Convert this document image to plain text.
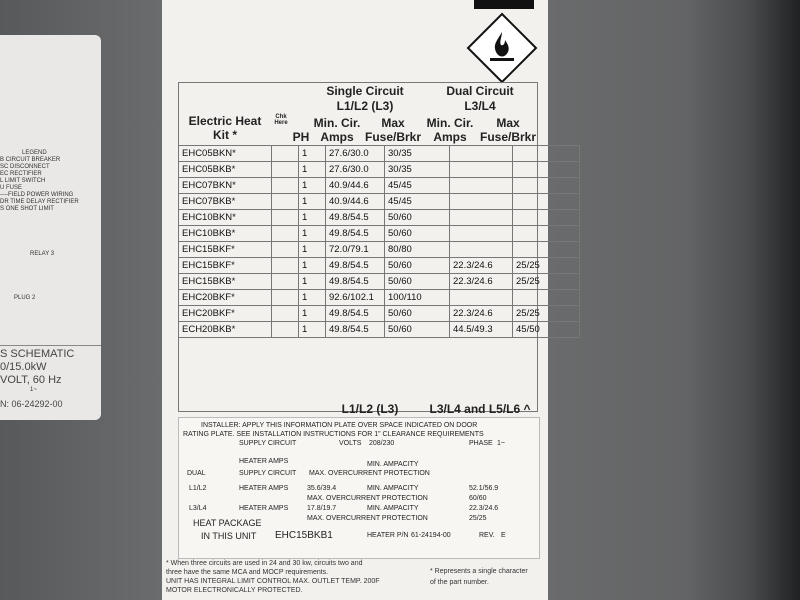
LEGEND
B CIRCUIT BREAKER
SC DISCONNECT
EC RECTIFIER
L LIMIT SWITCH
U FUSE
----FIELD POWER WIRING
DR TIME DELAY RECTIFIER
S ONE SHOT LIMIT
RELAY 3
PLUG 2
S SCHEMATIC
0/15.0kW
VOLT, 60 Hz
1~
N: 06-24292-00
Single Circuit
L1/L2 (L3)
Dual Circuit
L3/L4
Electric Heat Kit *
Chk Here
PH
Min. Cir. Amps
Max Fuse/Brkr
Min. Cir. Amps
Max Fuse/Brkr
EHC05BKN*		1	27.6/30.0	30/35		
EHC05BKB*		1	27.6/30.0	30/35		
EHC07BKN*		1	40.9/44.6	45/45		
EHC07BKB*		1	40.9/44.6	45/45		
EHC10BKN*		1	49.8/54.5	50/60		
EHC10BKB*		1	49.8/54.5	50/60		
EHC15BKF*		1	72.0/79.1	80/80		
EHC15BKF*		1	49.8/54.5	50/60	22.3/24.6	25/25
EHC15BKB*		1	49.8/54.5	50/60	22.3/24.6	25/25
EHC20BKF*		1	92.6/102.1	100/110		
EHC20BKF*		1	49.8/54.5	50/60	22.3/24.6	25/25
ECH20BKB*		1	49.8/54.5	50/60	44.5/49.3	45/50
L1/L2 (L3)	L3/L4 and L5/L6 ^
INSTALLER: APPLY THIS INFORMATION PLATE OVER SPACE INDICATED ON DOOR
RATING PLATE. SEE INSTALLATION INSTRUCTIONS FOR 1" CLEARANCE REQUIREMENTS
SUPPLY CIRCUIT	VOLTS 208/230	PHASE 1~
HEATER AMPS	MIN. AMPACITY
DUAL	SUPPLY CIRCUIT MAX. OVERCURRENT PROTECTION
L1/L2	HEATER AMPS	35.6/39.4	MIN. AMPACITY	52.1/56.9
MAX. OVERCURRENT PROTECTION	60/60
L3/L4	HEATER AMPS	17.8/19.7	MIN. AMPACITY	22.3/24.6
MAX. OVERCURRENT PROTECTION	25/25
HEAT PACKAGE
IN THIS UNIT EHC15BKB1	HEATER P/N 61-24194-00	REV. E
* When three circuits are used in 24 and 30 kw, circuits two and
three have the same MCA and MOCP requirements.
UNIT HAS INTEGRAL LIMIT CONTROL MAX. OUTLET TEMP. 200F
MOTOR ELECTRONICALLY PROTECTED.
* Represents a single character
of the part number.
